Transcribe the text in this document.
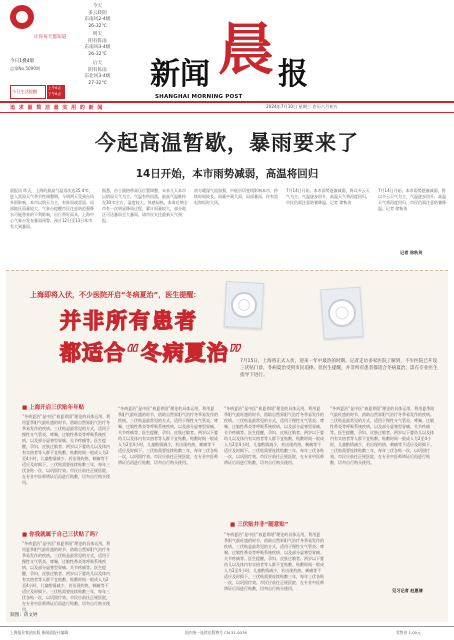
让你每天都知道
今日1叠4版
总第No.5090期
今天
多云转阴
东南风2-4级
26-32℃
明天
阴有阵雨
东南风3-4级
26-32℃
后天
阴有阵雨
东北风3-4级
27-32℃
今日生活提醒
上午6点
下午6点
新闻 晨 报
SHANGHAI MORNING POST
追 求 最 简 洁 最 实 用 的 新 闻	2024年7月10日 星期三 农历六月初五
今起高温暂歇，暴雨要来了
14日开始，本市雨势减弱，高温将回归
晨报讯 昨天，上海的最高气温再次达35.4℃，进入雷雨天气季节性调整期。今明两天受到台风外围影响，本市以阴天为主，有阵雨或雷雨，局部地区雨量较大。气象台提醒市民注意防范强降水可能带来的不利影响，出行带好雨具。上海中心气象台发布暴雨预警，预计12日至13日本市有大到暴雨。
据悉，由于副热带高压位置调整，未来几天本市以阴雨天气为主。气温有所回落，最高气温维持在30℃左右，湿度较大，体感闷热。本周后期全市有一次明显降雨过程，累计雨量较大，部分地区可达暴雨至大暴雨，请市民关注最新天气预报。
南方暖湿气流加强，中低层切变线影响本市，持续时间较长。雨量中到大雨，局部暴雨，伴有雷电和短时大风。
7月14日开始，本市雨势逐渐减弱，将以多云天气为主，气温逐步回升，高温天气将再度回归，市民仍需注意防暑降温。记者 徐秋英
7月14日开始，本市雨势逐渐减弱，将以多云天气为主，气温逐步回升，高温天气将再度回归，市民仍需注意防暑降温。记者 徐秋英
记者 徐秋英
上海即将入伏，不少医院开启“冬病夏治”，医生提醒：
并非所有患者
都适合“冬病夏治”
7月15日，上海将正式入伏，迎来一年中最热的时期。记者走访多家医院了解到，不少医院已开设三伏贴门诊，冬病夏治受到市民追捧。但医生提醒，并非所有患者都适合冬病夏治，需在专业医生指导下进行。
■ 上海开启三伏贴年年贴
“冬病夏治”是中医“春夏养阳”理论的具体运用，利用夏季阳气最旺盛的时节，借助自然界阳气治疗冬季易发作的疾病。三伏贴是最常见的方式，适用于慢性支气管炎、哮喘、过敏性鼻炎等呼吸系统疾病，以及部分虚寒型胃痛、关节疼痛等。医生提醒，孕妇、皮肤过敏者、两岁以下婴幼儿以及体内有实热者等人群不宜贴敷。贴敷时间一般成人为2至4小时，儿童酌情减少，若出现灼热、刺痛等不适应及时揭下。三伏贴需要连续贴敷三年，每年三伏各贴一次，以巩固疗效。市民应前往正规医院，在专业中医师辨证后再进行贴敷，切勿自行购买使用。
■ 你我就属于自己三伏贴了吗？
“冬病夏治”是中医“春夏养阳”理论的具体运用，利用夏季阳气最旺盛的时节，借助自然界阳气治疗冬季易发作的疾病。三伏贴是最常见的方式，适用于慢性支气管炎、哮喘、过敏性鼻炎等呼吸系统疾病，以及部分虚寒型胃痛、关节疼痛等。医生提醒，孕妇、皮肤过敏者、两岁以下婴幼儿以及体内有实热者等人群不宜贴敷。贴敷时间一般成人为2至4小时，儿童酌情减少，若出现灼热、刺痛等不适应及时揭下。三伏贴需要连续贴敷三年，每年三伏各贴一次，以巩固疗效。市民应前往正规医院，在专业中医师辨证后再进行贴敷，切勿自行购买使用。
“冬病夏治”是中医“春夏养阳”理论的具体运用，利用夏季阳气最旺盛的时节，借助自然界阳气治疗冬季易发作的疾病。三伏贴是最常见的方式，适用于慢性支气管炎、哮喘、过敏性鼻炎等呼吸系统疾病，以及部分虚寒型胃痛、关节疼痛等。医生提醒，孕妇、皮肤过敏者、两岁以下婴幼儿以及体内有实热者等人群不宜贴敷。贴敷时间一般成人为2至4小时，儿童酌情减少，若出现灼热、刺痛等不适应及时揭下。三伏贴需要连续贴敷三年，每年三伏各贴一次，以巩固疗效。市民应前往正规医院，在专业中医师辨证后再进行贴敷，切勿自行购买使用。
“冬病夏治”是中医“春夏养阳”理论的具体运用，利用夏季阳气最旺盛的时节，借助自然界阳气治疗冬季易发作的疾病。三伏贴是最常见的方式，适用于慢性支气管炎、哮喘、过敏性鼻炎等呼吸系统疾病，以及部分虚寒型胃痛、关节疼痛等。医生提醒，孕妇、皮肤过敏者、两岁以下婴幼儿以及体内有实热者等人群不宜贴敷。贴敷时间一般成人为2至4小时，儿童酌情减少，若出现灼热、刺痛等不适应及时揭下。三伏贴需要连续贴敷三年，每年三伏各贴一次，以巩固疗效。市民应前往正规医院，在专业中医师辨证后再进行贴敷，切勿自行购买使用。
■ 三伏贴并非“随意贴”
“冬病夏治”是中医“春夏养阳”理论的具体运用，利用夏季阳气最旺盛的时节，借助自然界阳气治疗冬季易发作的疾病。三伏贴是最常见的方式，适用于慢性支气管炎、哮喘、过敏性鼻炎等呼吸系统疾病，以及部分虚寒型胃痛、关节疼痛等。医生提醒，孕妇、皮肤过敏者、两岁以下婴幼儿以及体内有实热者等人群不宜贴敷。贴敷时间一般成人为2至4小时，儿童酌情减少，若出现灼热、刺痛等不适应及时揭下。三伏贴需要连续贴敷三年，每年三伏各贴一次，以巩固疗效。市民应前往正规医院，在专业中医师辨证后再进行贴敷，切勿自行购买使用。
“冬病夏治”是中医“春夏养阳”理论的具体运用，利用夏季阳气最旺盛的时节，借助自然界阳气治疗冬季易发作的疾病。三伏贴是最常见的方式，适用于慢性支气管炎、哮喘、过敏性鼻炎等呼吸系统疾病，以及部分虚寒型胃痛、关节疼痛等。医生提醒，孕妇、皮肤过敏者、两岁以下婴幼儿以及体内有实热者等人群不宜贴敷。贴敷时间一般成人为2至4小时，儿童酌情减少，若出现灼热、刺痛等不适应及时揭下。三伏贴需要连续贴敷三年，每年三伏各贴一次，以巩固疗效。市民应前往正规医院，在专业中医师辨证后再进行贴敷，切勿自行购买使用。
见习记者 赵惠倩
制图：蒋文婷
上海报业集团出版 新闻晨报社编辑	国内统一连续出版物号 CN 31-0076	零售价 1.00元
